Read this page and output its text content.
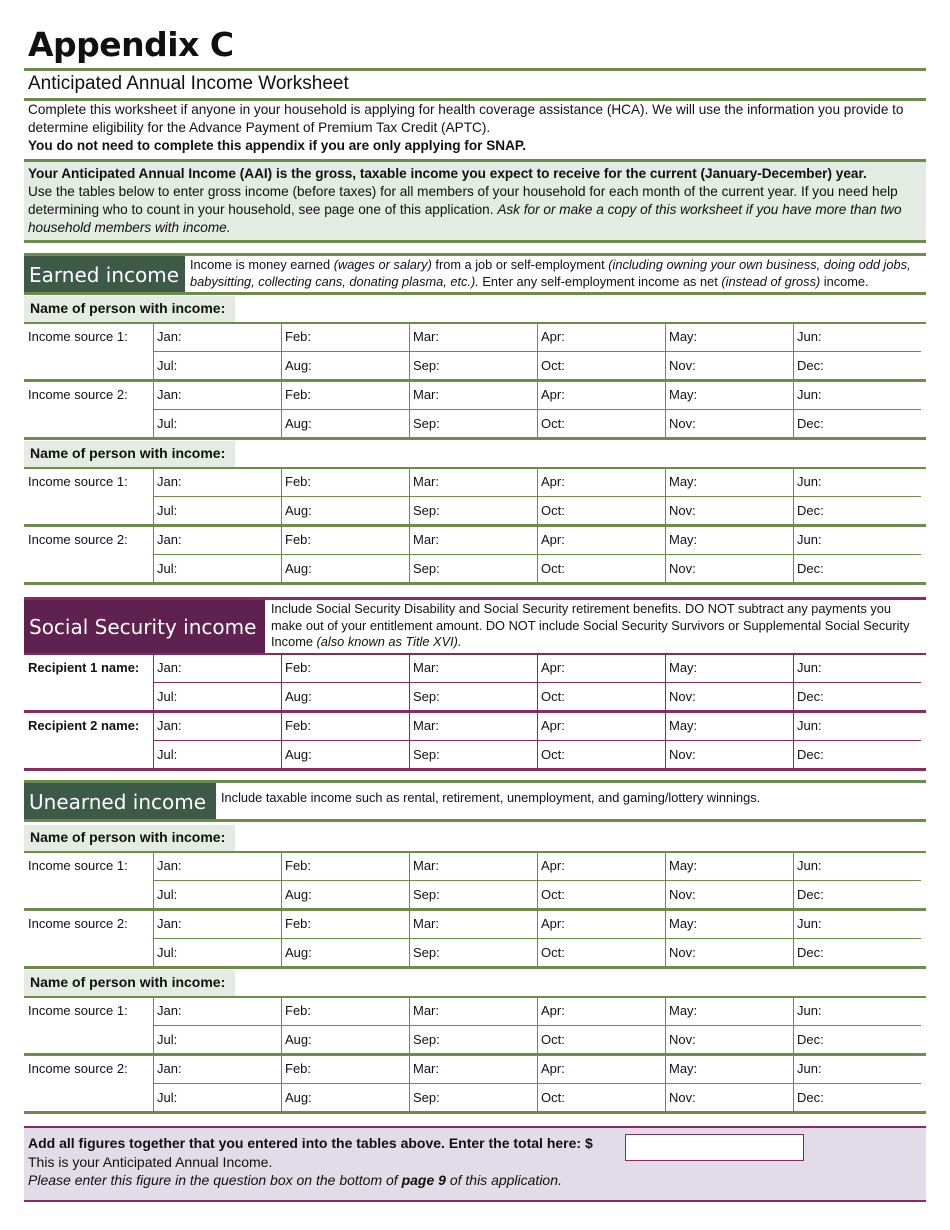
Appendix C
Anticipated Annual Income Worksheet
Complete this worksheet if anyone in your household is applying for health coverage assistance (HCA). We will use the information you provide to determine eligibility for the Advance Payment of Premium Tax Credit (APTC).
You do not need to complete this appendix if you are only applying for SNAP.
Your Anticipated Annual Income (AAI) is the gross, taxable income you expect to receive for the current (January-December) year.
Use the tables below to enter gross income (before taxes) for all members of your household for each month of the current year. If you need help determining who to count in your household, see page one of this application. Ask for or make a copy of this worksheet if you have more than two household members with income.
Earned income Income is money earned (wages or salary) from a job or self-employment (including owning your own business, doing odd jobs, babysitting, collecting cans, donating plasma, etc.). Enter any self-employment income as net (instead of gross) income.
Name of person with income:
Income source 1:	Jan:	Feb:	Mar:	Apr:	May:	Jun:
Jul:	Aug:	Sep:	Oct:	Nov:	Dec:
Income source 2:	Jan:	Feb:	Mar:	Apr:	May:	Jun:
Jul:	Aug:	Sep:	Oct:	Nov:	Dec:
Name of person with income:
Income source 1:	Jan:	Feb:	Mar:	Apr:	May:	Jun:
Jul:	Aug:	Sep:	Oct:	Nov:	Dec:
Income source 2:	Jan:	Feb:	Mar:	Apr:	May:	Jun:
Jul:	Aug:	Sep:	Oct:	Nov:	Dec:
Social Security income
Include Social Security Disability and Social Security retirement benefits. DO NOT subtract any payments you make out of your entitlement amount. DO NOT include Social Security Survivors or Supplemental Social Security Income (also known as Title XVI).
Recipient 1 name:	Jan:	Feb:	Mar:	Apr:	May:	Jun:
Jul:	Aug:	Sep:	Oct:	Nov:	Dec:
Recipient 2 name:	Jan:	Feb:	Mar:	Apr:	May:	Jun:
Jul:	Aug:	Sep:	Oct:	Nov:	Dec:
Unearned income	Include taxable income such as rental, retirement, unemployment, and gaming/lottery winnings.
Name of person with income:
Income source 1:	Jan:	Feb:	Mar:	Apr:	May:	Jun:
Jul:	Aug:	Sep:	Oct:	Nov:	Dec:
Income source 2:	Jan:	Feb:	Mar:	Apr:	May:	Jun:
Jul:	Aug:	Sep:	Oct:	Nov:	Dec:
Name of person with income:
Income source 1:	Jan:	Feb:	Mar:	Apr:	May:	Jun:
Jul:	Aug:	Sep:	Oct:	Nov:	Dec:
Income source 2:	Jan:	Feb:	Mar:	Apr:	May:	Jun:
Jul:	Aug:	Sep:	Oct:	Nov:	Dec:
Add all figures together that you entered into the tables above. Enter the total here: $
This is your Anticipated Annual Income.
Please enter this figure in the question box on the bottom of page 9 of this application.
